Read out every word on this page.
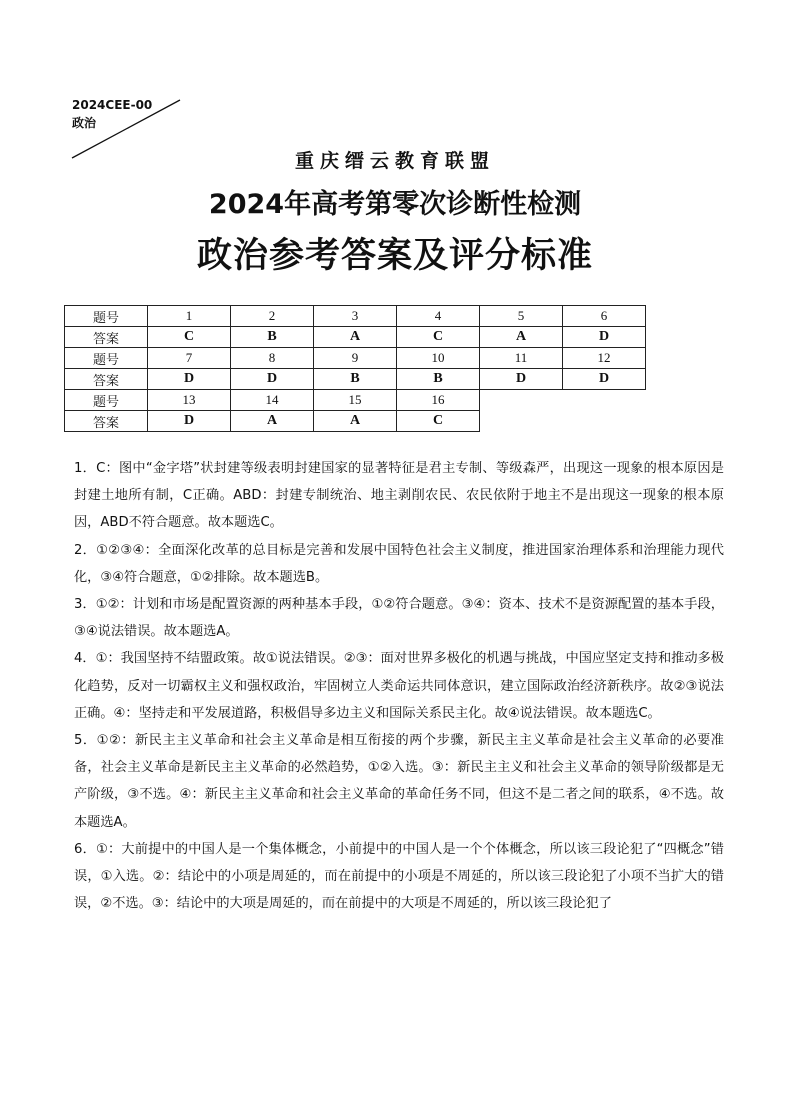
2024CEE-00
政治
重庆缙云教育联盟
2024年高考第零次诊断性检测
政治参考答案及评分标准
题号	1	2	3	4	5	6
答案	C	B	A	C	A	D
题号	7	8	9	10	11	12
答案	D	D	B	B	D	D
题号	13	14	15	16		
答案	D	A	A	C		

1．C：图中“金字塔”状封建等级表明封建国家的显著特征是君主专制、等级森严，出现这一现象的根本原因是封建土地所有制，C正确。ABD：封建专制统治、地主剥削农民、农民依附于地主不是出现这一现象的根本原因，ABD不符合题意。故本题选C。

2．①②③④：全面深化改革的总目标是完善和发展中国特色社会主义制度，推进国家治理体系和治理能力现代化，③④符合题意，①②排除。故本题选B。

3．①②：计划和市场是配置资源的两种基本手段，①②符合题意。③④：资本、技术不是资源配置的基本手段，③④说法错误。故本题选A。

4．①：我国坚持不结盟政策。故①说法错误。②③：面对世界多极化的机遇与挑战，中国应坚定支持和推动多极化趋势，反对一切霸权主义和强权政治，牢固树立人类命运共同体意识，建立国际政治经济新秩序。故②③说法正确。④：坚持走和平发展道路，积极倡导多边主义和国际关系民主化。故④说法错误。故本题选C。

5．①②：新民主主义革命和社会主义革命是相互衔接的两个步骤，新民主主义革命是社会主义革命的必要准备，社会主义革命是新民主主义革命的必然趋势，①②入选。③：新民主主义和社会主义革命的领导阶级都是无产阶级，③不选。④：新民主主义革命和社会主义革命的革命任务不同，但这不是二者之间的联系，④不选。故本题选A。

6．①：大前提中的中国人是一个集体概念，小前提中的中国人是一个个体概念，所以该三段论犯了“四概念”错误，①入选。②：结论中的小项是周延的，而在前提中的小项是不周延的，所以该三段论犯了小项不当扩大的错误，②不选。③：结论中的大项是周延的，而在前提中的大项是不周延的，所以该三段论犯了
